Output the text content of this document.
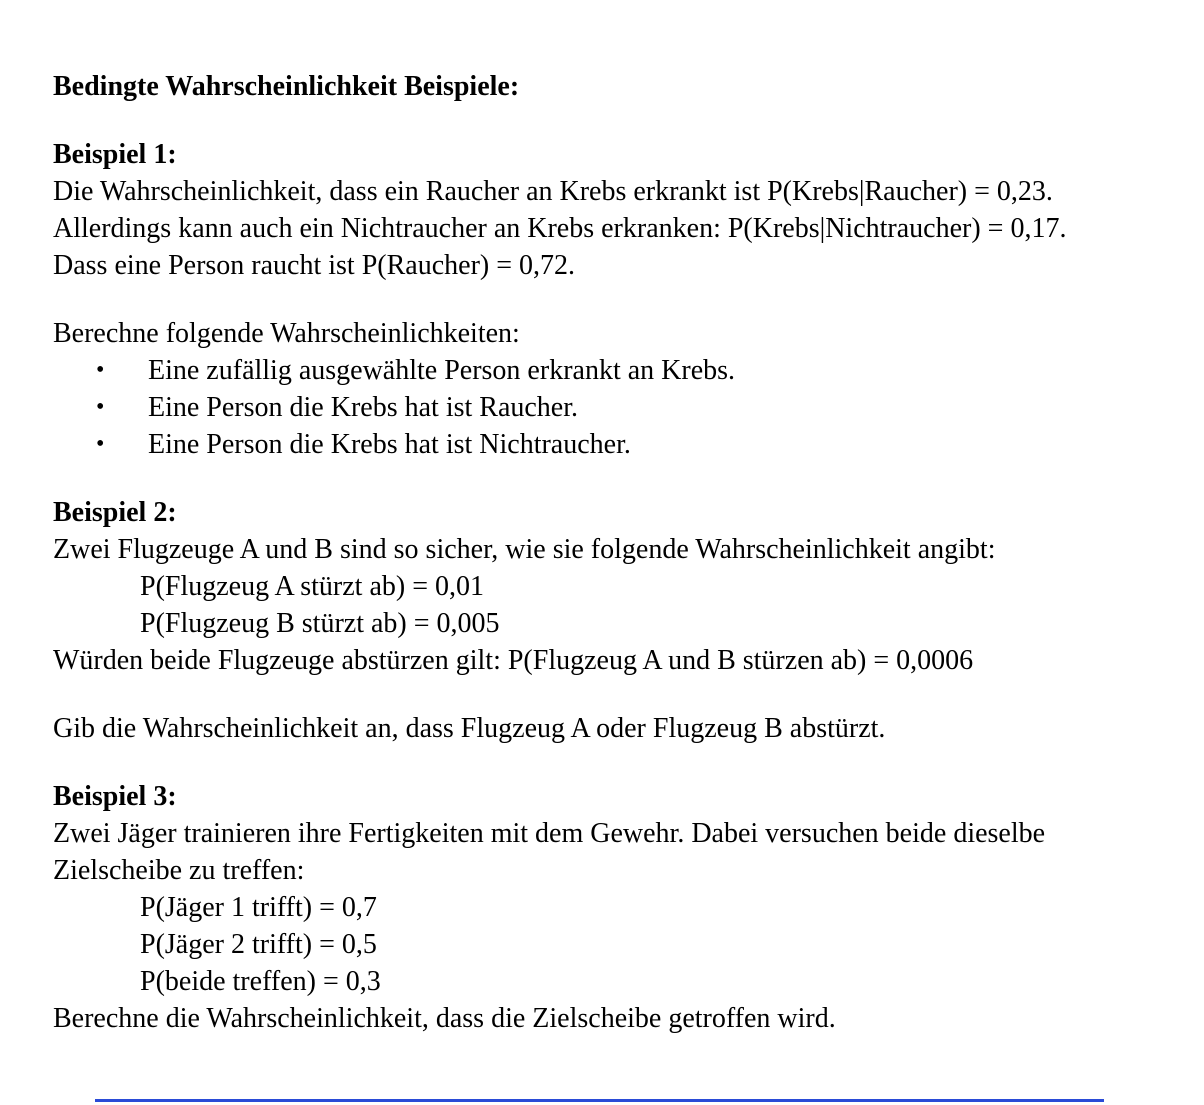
Bedingte Wahrscheinlichkeit Beispiele:
Beispiel 1:
Die Wahrscheinlichkeit, dass ein Raucher an Krebs erkrankt ist P(Krebs|Raucher) = 0,23.
Allerdings kann auch ein Nichtraucher an Krebs erkranken: P(Krebs|Nichtraucher) = 0,17.
Dass eine Person raucht ist P(Raucher) = 0,72.
Berechne folgende Wahrscheinlichkeiten:
• Eine zufällig ausgewählte Person erkrankt an Krebs.
• Eine Person die Krebs hat ist Raucher.
• Eine Person die Krebs hat ist Nichtraucher.
Beispiel 2:
Zwei Flugzeuge A und B sind so sicher, wie sie folgende Wahrscheinlichkeit angibt:
P(Flugzeug A stürzt ab) = 0,01
P(Flugzeug B stürzt ab) = 0,005
Würden beide Flugzeuge abstürzen gilt: P(Flugzeug A und B stürzen ab) = 0,0006
Gib die Wahrscheinlichkeit an, dass Flugzeug A oder Flugzeug B abstürzt.
Beispiel 3:
Zwei Jäger trainieren ihre Fertigkeiten mit dem Gewehr. Dabei versuchen beide dieselbe
Zielscheibe zu treffen:
P(Jäger 1 trifft) = 0,7
P(Jäger 2 trifft) = 0,5
P(beide treffen) = 0,3
Berechne die Wahrscheinlichkeit, dass die Zielscheibe getroffen wird.
